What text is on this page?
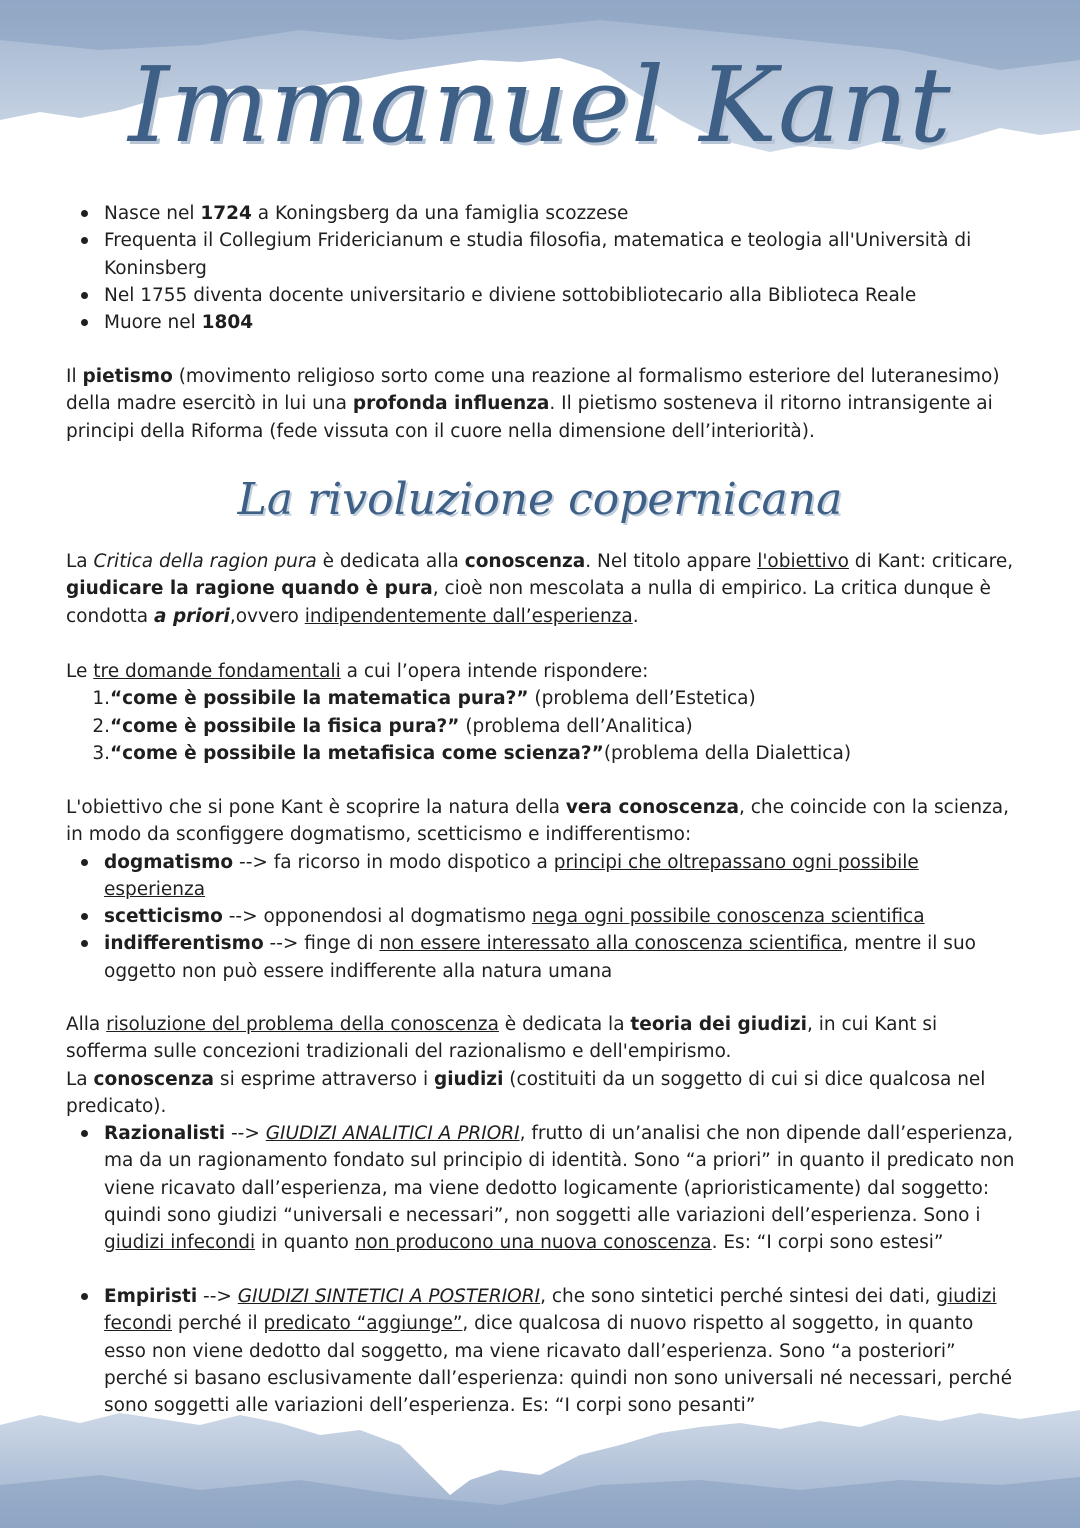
Immanuel Kant
Nasce nel 1724 a Koningsberg da una famiglia scozzese
Frequenta il Collegium Fridericianum e studia filosofia, matematica e teologia all'Università di Koninsberg
Nel 1755 diventa docente universitario e diviene sottobibliotecario alla Biblioteca Reale
Muore nel 1804

Il pietismo (movimento religioso sorto come una reazione al formalismo esteriore del luteranesimo) della madre esercitò in lui una profonda influenza. Il pietismo sosteneva il ritorno intransigente ai principi della Riforma (fede vissuta con il cuore nella dimensione dell’interiorità).

La rivoluzione copernicana

La Critica della ragion pura è dedicata alla conoscenza. Nel titolo appare l'obiettivo di Kant: criticare, giudicare la ragione quando è pura, cioè non mescolata a nulla di empirico. La critica dunque è condotta a priori,ovvero indipendentemente dall’esperienza.

Le tre domande fondamentali a cui l’opera intende rispondere:

1.“come è possibile la matematica pura?” (problema dell’Estetica)
2.“come è possibile la fisica pura?” (problema dell’Analitica)
3.“come è possibile la metafisica come scienza?”(problema della Dialettica)

L'obiettivo che si pone Kant è scoprire la natura della vera conoscenza, che coincide con la scienza, in modo da sconfiggere dogmatismo, scetticismo e indifferentismo:

dogmatismo --> fa ricorso in modo dispotico a principi che oltrepassano ogni possibile esperienza
scetticismo --> opponendosi al dogmatismo nega ogni possibile conoscenza scientifica
indifferentismo --> finge di non essere interessato alla conoscenza scientifica, mentre il suo oggetto non può essere indifferente alla natura umana

Alla risoluzione del problema della conoscenza è dedicata la teoria dei giudizi, in cui Kant si sofferma sulle concezioni tradizionali del razionalismo e dell'empirismo.

La conoscenza si esprime attraverso i giudizi (costituiti da un soggetto di cui si dice qualcosa nel predicato).

Razionalisti --> GIUDIZI ANALITICI A PRIORI, frutto di un’analisi che non dipende dall’esperienza, ma da un ragionamento fondato sul principio di identità. Sono “a priori” in quanto il predicato non viene ricavato dall’esperienza, ma viene dedotto logicamente (aprioristicamente) dal soggetto: quindi sono giudizi “universali e necessari”, non soggetti alle variazioni dell’esperienza. Sono i giudizi infecondi in quanto non producono una nuova conoscenza. Es: “I corpi sono estesi”
Empiristi --> GIUDIZI SINTETICI A POSTERIORI, che sono sintetici perché sintesi dei dati, giudizi fecondi perché il predicato “aggiunge”, dice qualcosa di nuovo rispetto al soggetto, in quanto esso non viene dedotto dal soggetto, ma viene ricavato dall’esperienza. Sono “a posteriori” perché si basano esclusivamente dall’esperienza: quindi non sono universali né necessari, perché sono soggetti alle variazioni dell’esperienza. Es: “I corpi sono pesanti”
